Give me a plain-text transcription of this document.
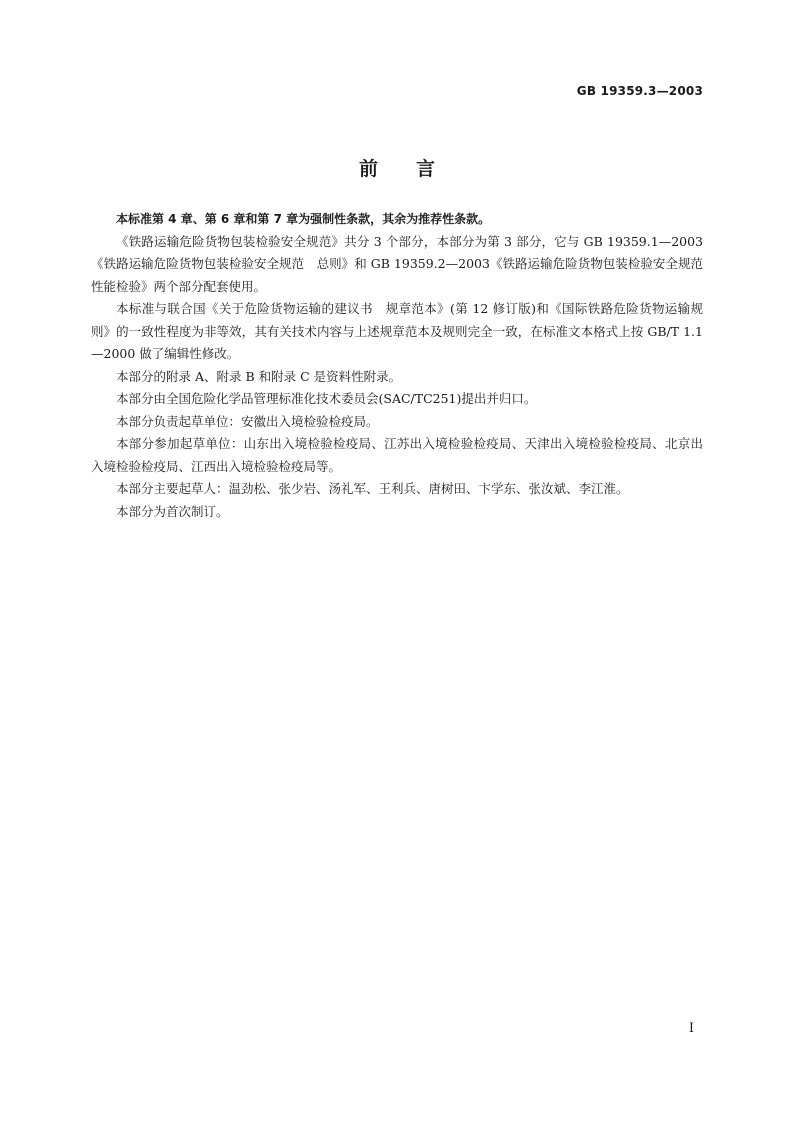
GB 19359.3—2003
前言

本标准第 4 章、第 6 章和第 7 章为强制性条款，其余为推荐性条款。

《铁路运输危险货物包装检验安全规范》共分 3 个部分，本部分为第 3 部分，它与 GB 19359.1—2003《铁路运输危险货物包装检验安全规范　总则》和 GB 19359.2—2003《铁路运输危险货物包装检验安全规范　性能检验》两个部分配套使用。

本标准与联合国《关于危险货物运输的建议书　规章范本》(第 12 修订版)和《国际铁路危险货物运输规则》的一致性程度为非等效，其有关技术内容与上述规章范本及规则完全一致，在标准文本格式上按 GB/T 1.1—2000 做了编辑性修改。

本部分的附录 A、附录 B 和附录 C 是资料性附录。

本部分由全国危险化学品管理标准化技术委员会(SAC/TC251)提出并归口。

本部分负责起草单位：安徽出入境检验检疫局。

本部分参加起草单位：山东出入境检验检疫局、江苏出入境检验检疫局、天津出入境检验检疫局、北京出入境检验检疫局、江西出入境检验检疫局等。

本部分主要起草人：温劲松、张少岩、汤礼军、王利兵、唐树田、卞学东、张汝斌、李江淮。

本部分为首次制订。

I
